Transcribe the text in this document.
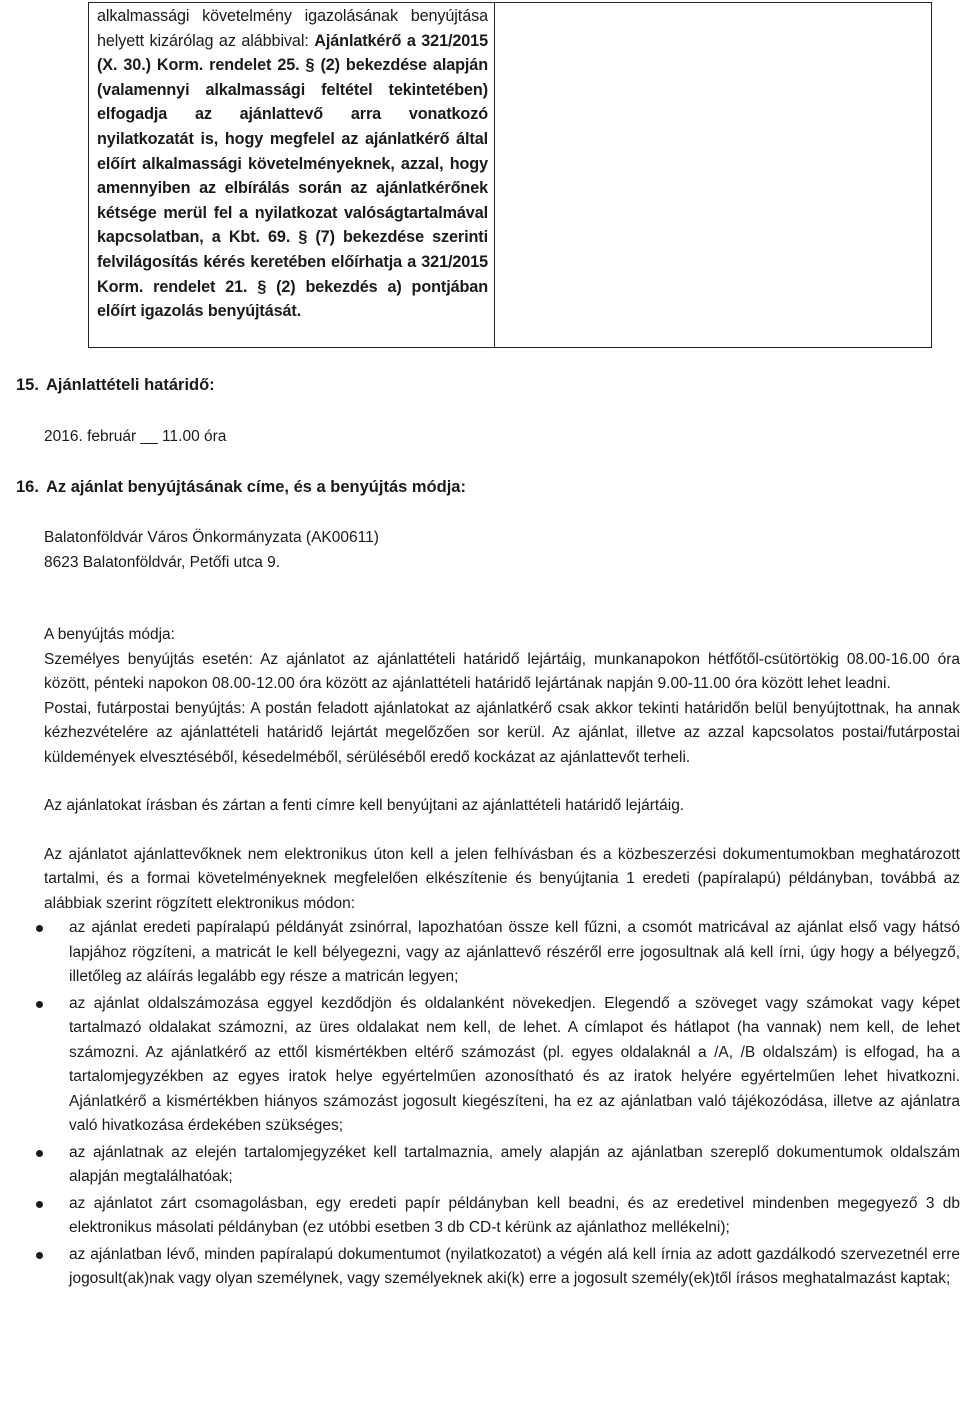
alkalmassági követelmény igazolásának benyújtása helyett kizárólag az alábbival: Ajánlatkérő a 321/2015 (X. 30.) Korm. rendelet 25. § (2) bekezdése alapján (valamennyi alkalmassági feltétel tekintetében) elfogadja az ajánlattevő arra vonatkozó nyilatkozatát is, hogy megfelel az ajánlatkérő által előírt alkalmassági követelményeknek, azzal, hogy amennyiben az elbírálás során az ajánlatkérőnek kétsége merül fel a nyilatkozat valóságtartalmával kapcsolatban, a Kbt. 69. § (7) bekezdése szerinti felvilágosítás kérés keretében előírhatja a 321/2015 Korm. rendelet 21. § (2) bekezdés a) pontjában előírt igazolás benyújtását.
15. Ajánlattételi határidő:
2016. február __ 11.00 óra
16. Az ajánlat benyújtásának címe, és a benyújtás módja:

Balatonföldvár Város Önkormányzata (AK00611)

8623 Balatonföldvár, Petőfi utca 9.

A benyújtás módja:

Személyes benyújtás esetén: Az ajánlatot az ajánlattételi határidő lejártáig, munkanapokon hétfőtől-csütörtökig 08.00-16.00 óra között, pénteki napokon 08.00-12.00 óra között az ajánlattételi határidő lejártának napján 9.00-11.00 óra között lehet leadni.

Postai, futárpostai benyújtás: A postán feladott ajánlatokat az ajánlatkérő csak akkor tekinti határidőn belül benyújtottnak, ha annak kézhezvételére az ajánlattételi határidő lejártát megelőzően sor kerül. Az ajánlat, illetve az azzal kapcsolatos postai/futárpostai küldemények elvesztéséből, késedelméből, sérüléséből eredő kockázat az ajánlattevőt terheli.

Az ajánlatokat írásban és zártan a fenti címre kell benyújtani az ajánlattételi határidő lejártáig.

Az ajánlatot ajánlattevőknek nem elektronikus úton kell a jelen felhívásban és a közbeszerzési dokumentumokban meghatározott tartalmi, és a formai követelményeknek megfelelően elkészítenie és benyújtania 1 eredeti (papíralapú) példányban, továbbá az alábbiak szerint rögzített elektronikus módon:

az ajánlat eredeti papíralapú példányát zsinórral, lapozhatóan össze kell fűzni, a csomót matricával az ajánlat első vagy hátsó lapjához rögzíteni, a matricát le kell bélyegezni, vagy az ajánlattevő részéről erre jogosultnak alá kell írni, úgy hogy a bélyegző, illetőleg az aláírás legalább egy része a matricán legyen;
az ajánlat oldalszámozása eggyel kezdődjön és oldalanként növekedjen. Elegendő a szöveget vagy számokat vagy képet tartalmazó oldalakat számozni, az üres oldalakat nem kell, de lehet. A címlapot és hátlapot (ha vannak) nem kell, de lehet számozni. Az ajánlatkérő az ettől kismértékben eltérő számozást (pl. egyes oldalaknál a /A, /B oldalszám) is elfogad, ha a tartalomjegyzékben az egyes iratok helye egyértelműen azonosítható és az iratok helyére egyértelműen lehet hivatkozni. Ajánlatkérő a kismértékben hiányos számozást jogosult kiegészíteni, ha ez az ajánlatban való tájékozódása, illetve az ajánlatra való hivatkozása érdekében szükséges;
az ajánlatnak az elején tartalomjegyzéket kell tartalmaznia, amely alapján az ajánlatban szereplő dokumentumok oldalszám alapján megtalálhatóak;
az ajánlatot zárt csomagolásban, egy eredeti papír példányban kell beadni, és az eredetivel mindenben megegyező 3 db elektronikus másolati példányban (ez utóbbi esetben 3 db CD-t kérünk az ajánlathoz mellékelni);
az ajánlatban lévő, minden papíralapú dokumentumot (nyilatkozatot) a végén alá kell írnia az adott gazdálkodó szervezetnél erre jogosult(ak)nak vagy olyan személynek, vagy személyeknek aki(k) erre a jogosult személy(ek)től írásos meghatalmazást kaptak;
